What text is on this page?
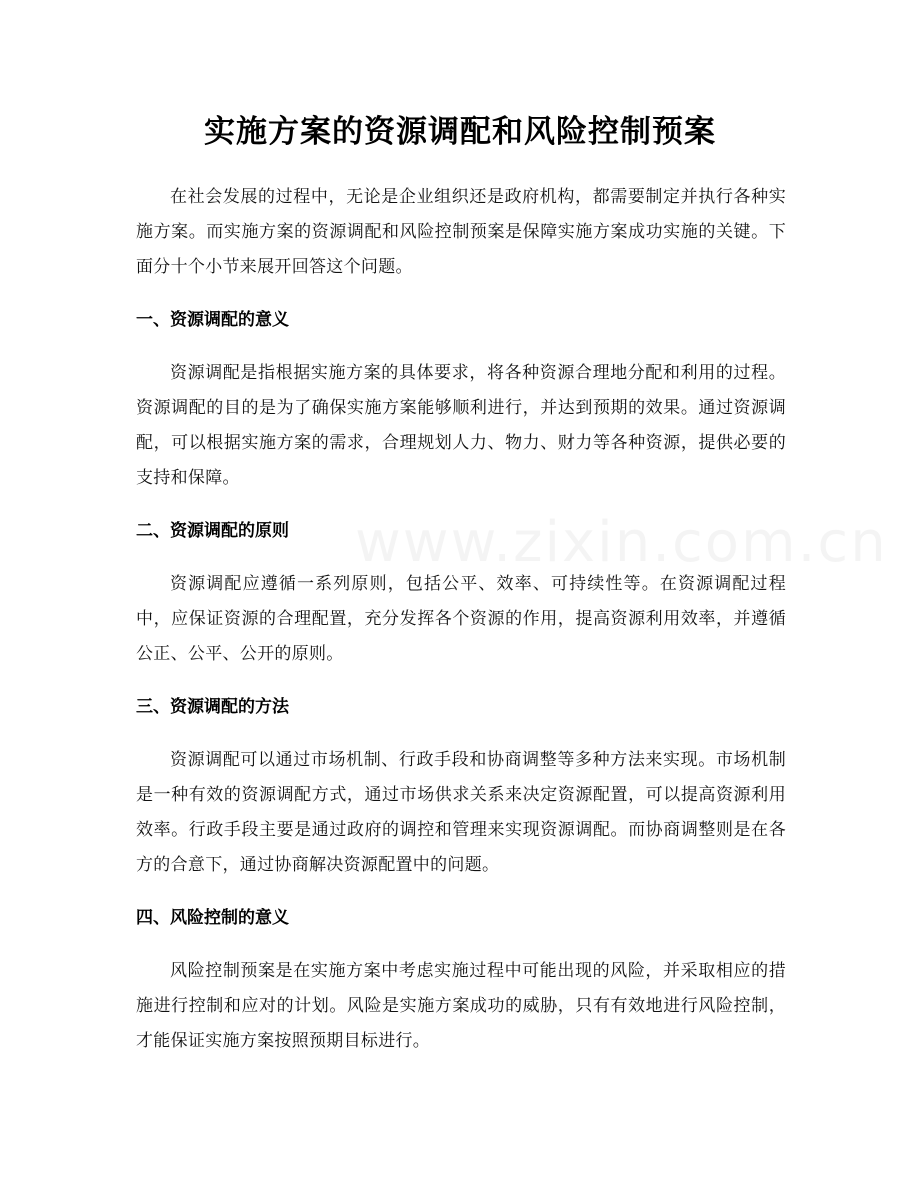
实施方案的资源调配和风险控制预案

在社会发展的过程中，无论是企业组织还是政府机构，都需要制定并执行各种实施方案。而实施方案的资源调配和风险控制预案是保障实施方案成功实施的关键。下面分十个小节来展开回答这个问题。

一、资源调配的意义

资源调配是指根据实施方案的具体要求，将各种资源合理地分配和利用的过程。资源调配的目的是为了确保实施方案能够顺利进行，并达到预期的效果。通过资源调配，可以根据实施方案的需求，合理规划人力、物力、财力等各种资源，提供必要的支持和保障。

二、资源调配的原则

资源调配应遵循一系列原则，包括公平、效率、可持续性等。在资源调配过程中，应保证资源的合理配置，充分发挥各个资源的作用，提高资源利用效率，并遵循公正、公平、公开的原则。

三、资源调配的方法

资源调配可以通过市场机制、行政手段和协商调整等多种方法来实现。市场机制是一种有效的资源调配方式，通过市场供求关系来决定资源配置，可以提高资源利用效率。行政手段主要是通过政府的调控和管理来实现资源调配。而协商调整则是在各方的合意下，通过协商解决资源配置中的问题。

四、风险控制的意义

风险控制预案是在实施方案中考虑实施过程中可能出现的风险，并采取相应的措施进行控制和应对的计划。风险是实施方案成功的威胁，只有有效地进行风险控制，才能保证实施方案按照预期目标进行。
